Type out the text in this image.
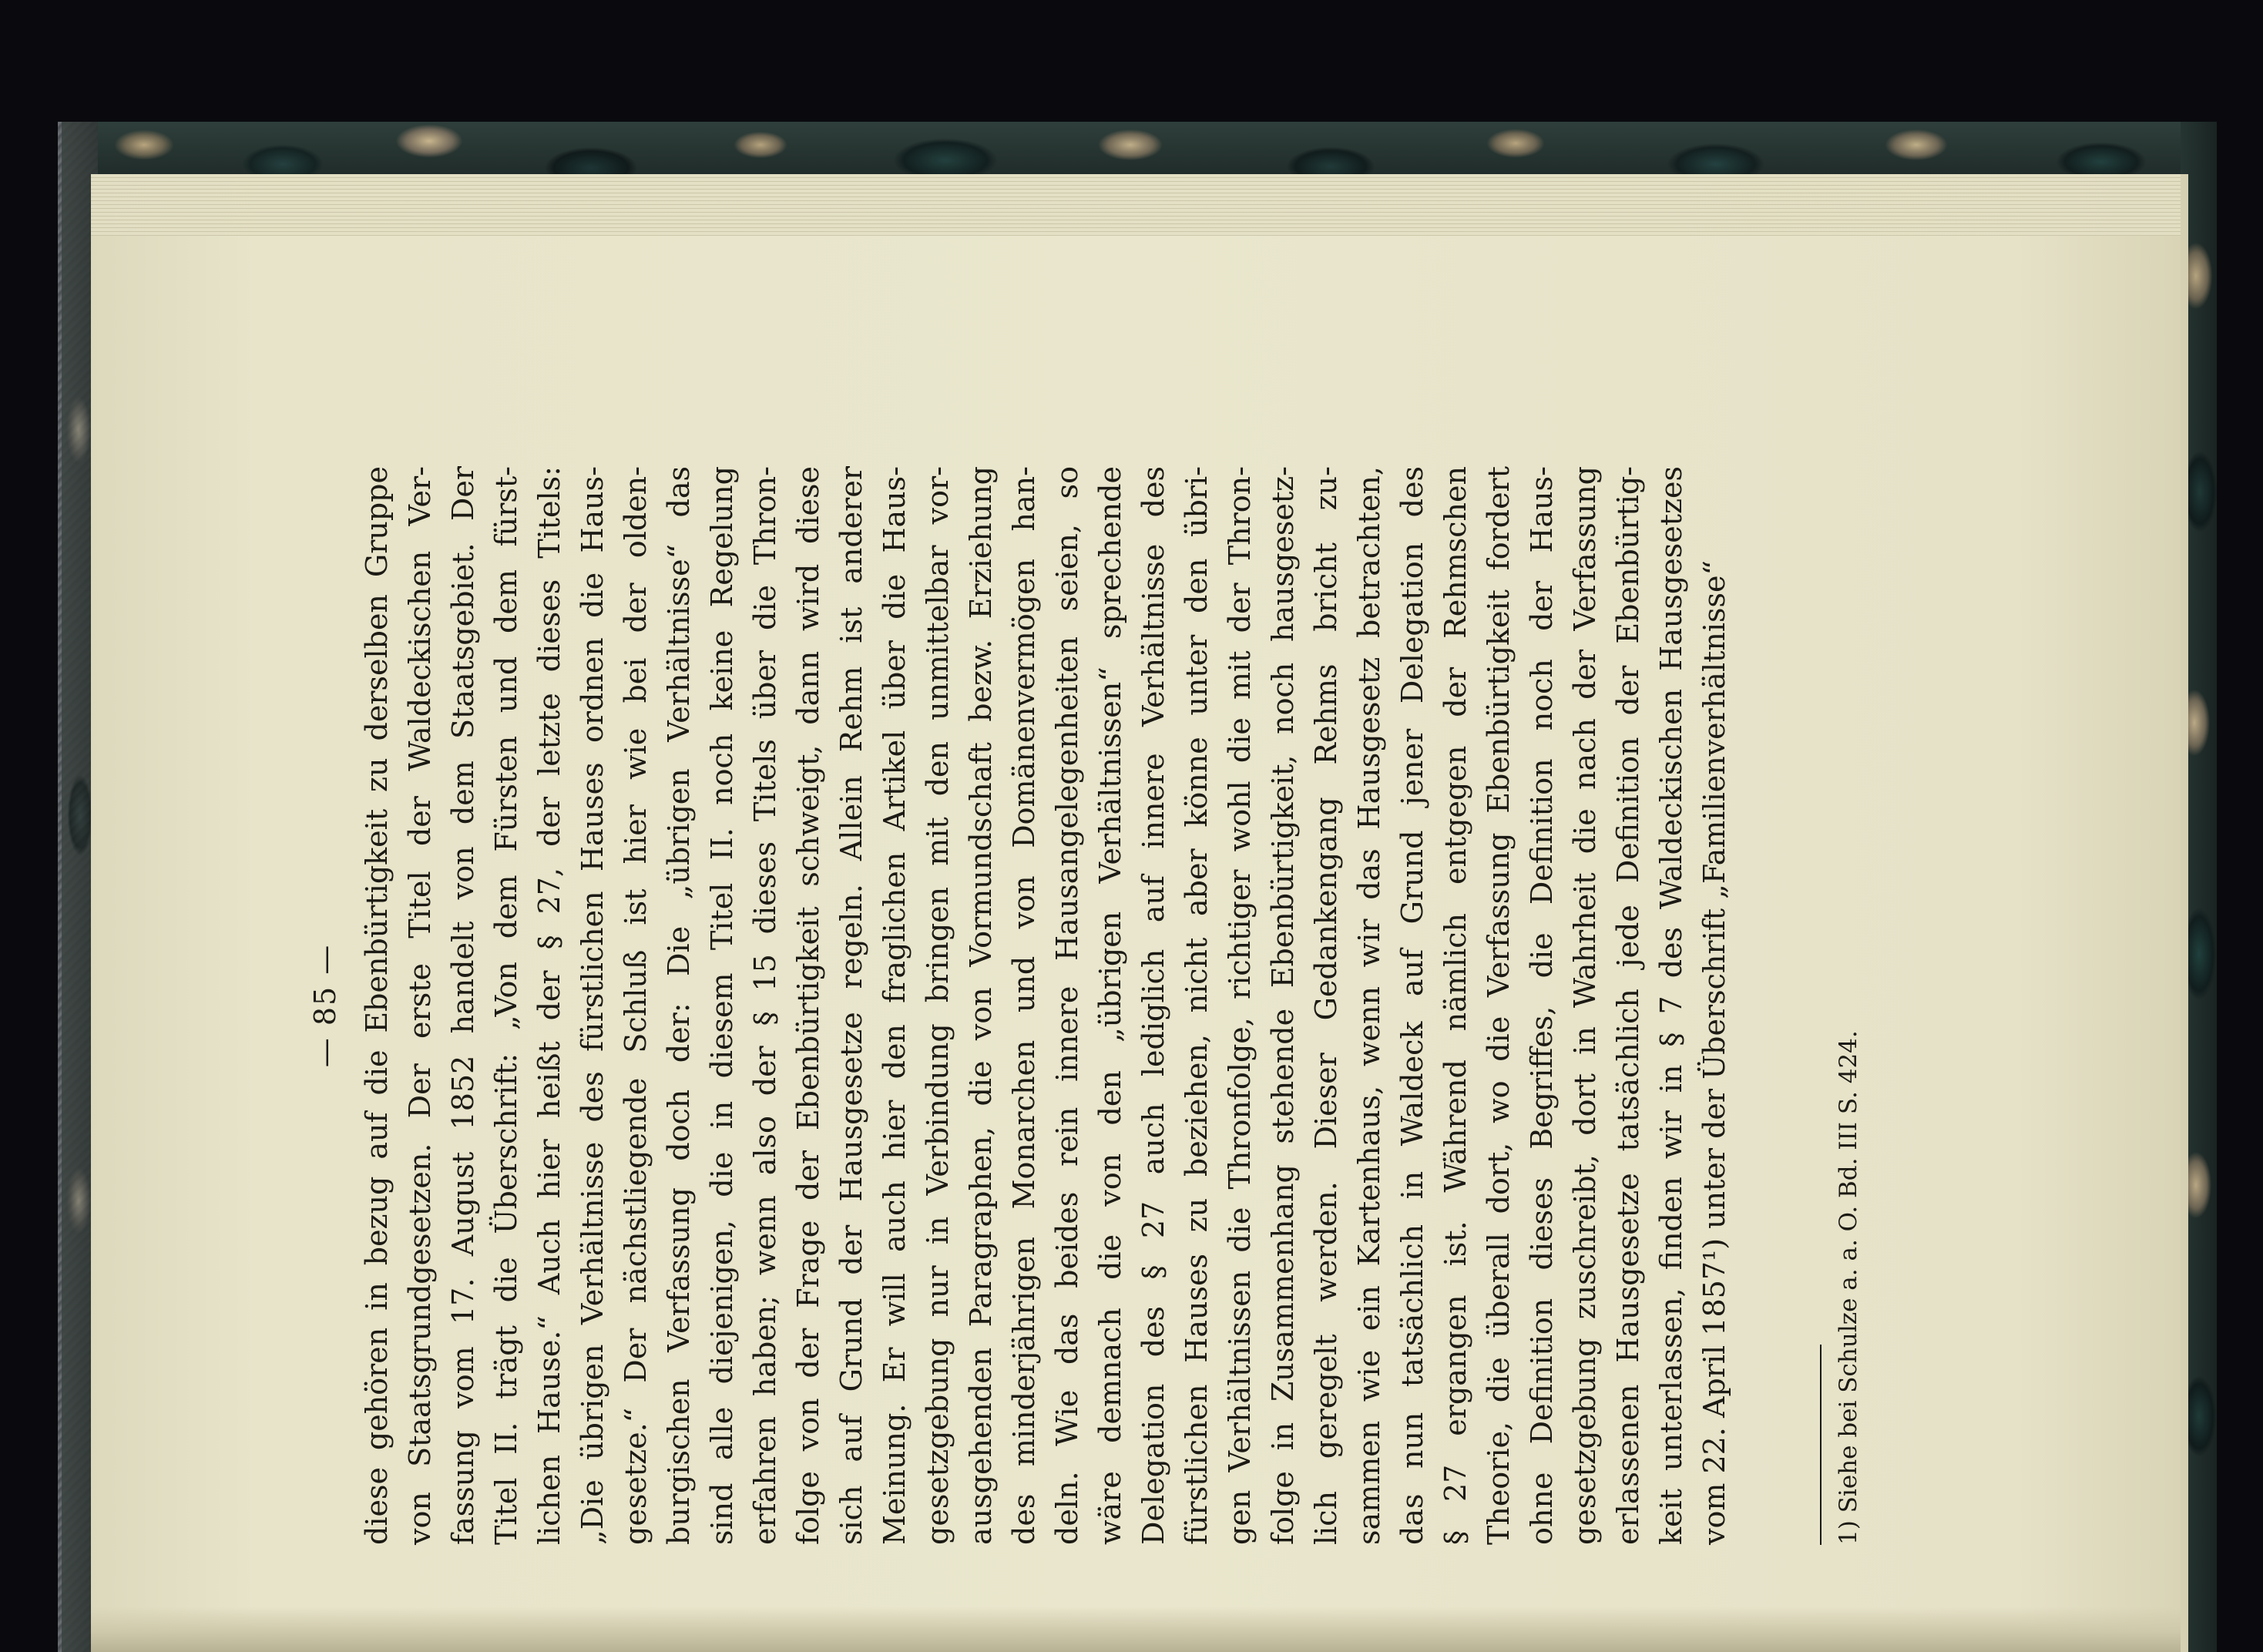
— 85 — diese gehören in bezug auf die Ebenbürtigkeit zu derselben Gruppe von Staatsgrundgesetzen. Der erste Titel der Waldeckischen Ver- fassung vom 17. August 1852 handelt von dem Staatsgebiet. Der Titel II. trägt die Überschrift: „Von dem Fürsten und dem fürst- lichen Hause.“ Auch hier heißt der § 27, der letzte dieses Titels: „Die übrigen Verhältnisse des fürstlichen Hauses ordnen die Haus- gesetze.“ Der nächstliegende Schluß ist hier wie bei der olden- burgischen Verfassung doch der: Die „übrigen Verhältnisse“ das sind alle diejenigen, die in diesem Titel II. noch keine Regelung erfahren haben; wenn also der § 15 dieses Titels über die Thron- folge von der Frage der Ebenbürtigkeit schweigt, dann wird diese sich auf Grund der Hausgesetze regeln. Allein Rehm ist anderer Meinung. Er will auch hier den fraglichen Artikel über die Haus- gesetzgebung nur in Verbindung bringen mit den unmittelbar vor- ausgehenden Paragraphen, die von Vormundschaft bezw. Erziehung des minderjährigen Monarchen und von Domänenvermögen han- deln. Wie das beides rein innere Hausangelegenheiten seien, so wäre demnach die von den „übrigen Verhältnissen“ sprechende Delegation des § 27 auch lediglich auf innere Verhältnisse des fürstlichen Hauses zu beziehen, nicht aber könne unter den übri- gen Verhältnissen die Thronfolge, richtiger wohl die mit der Thron- folge in Zusammenhang stehende Ebenbürtigkeit, noch hausgesetz- lich geregelt werden. Dieser Gedankengang Rehms bricht zu- sammen wie ein Kartenhaus, wenn wir das Hausgesetz betrachten, das nun tatsächlich in Waldeck auf Grund jener Delegation des § 27 ergangen ist. Während nämlich entgegen der Rehmschen Theorie, die überall dort, wo die Verfassung Ebenbürtigkeit fordert ohne Definition dieses Begriffes, die Definition noch der Haus- gesetzgebung zuschreibt, dort in Wahrheit die nach der Verfassung erlassenen Hausgesetze tatsächlich jede Definition der Ebenbürtig- keit unterlassen, finden wir in § 7 des Waldeckischen Hausgesetzes vom 22. April 1857¹) unter der Überschrift „Familienverhältnisse“	1) Siehe bei Schulze a. a. O. Bd. III S. 424.
